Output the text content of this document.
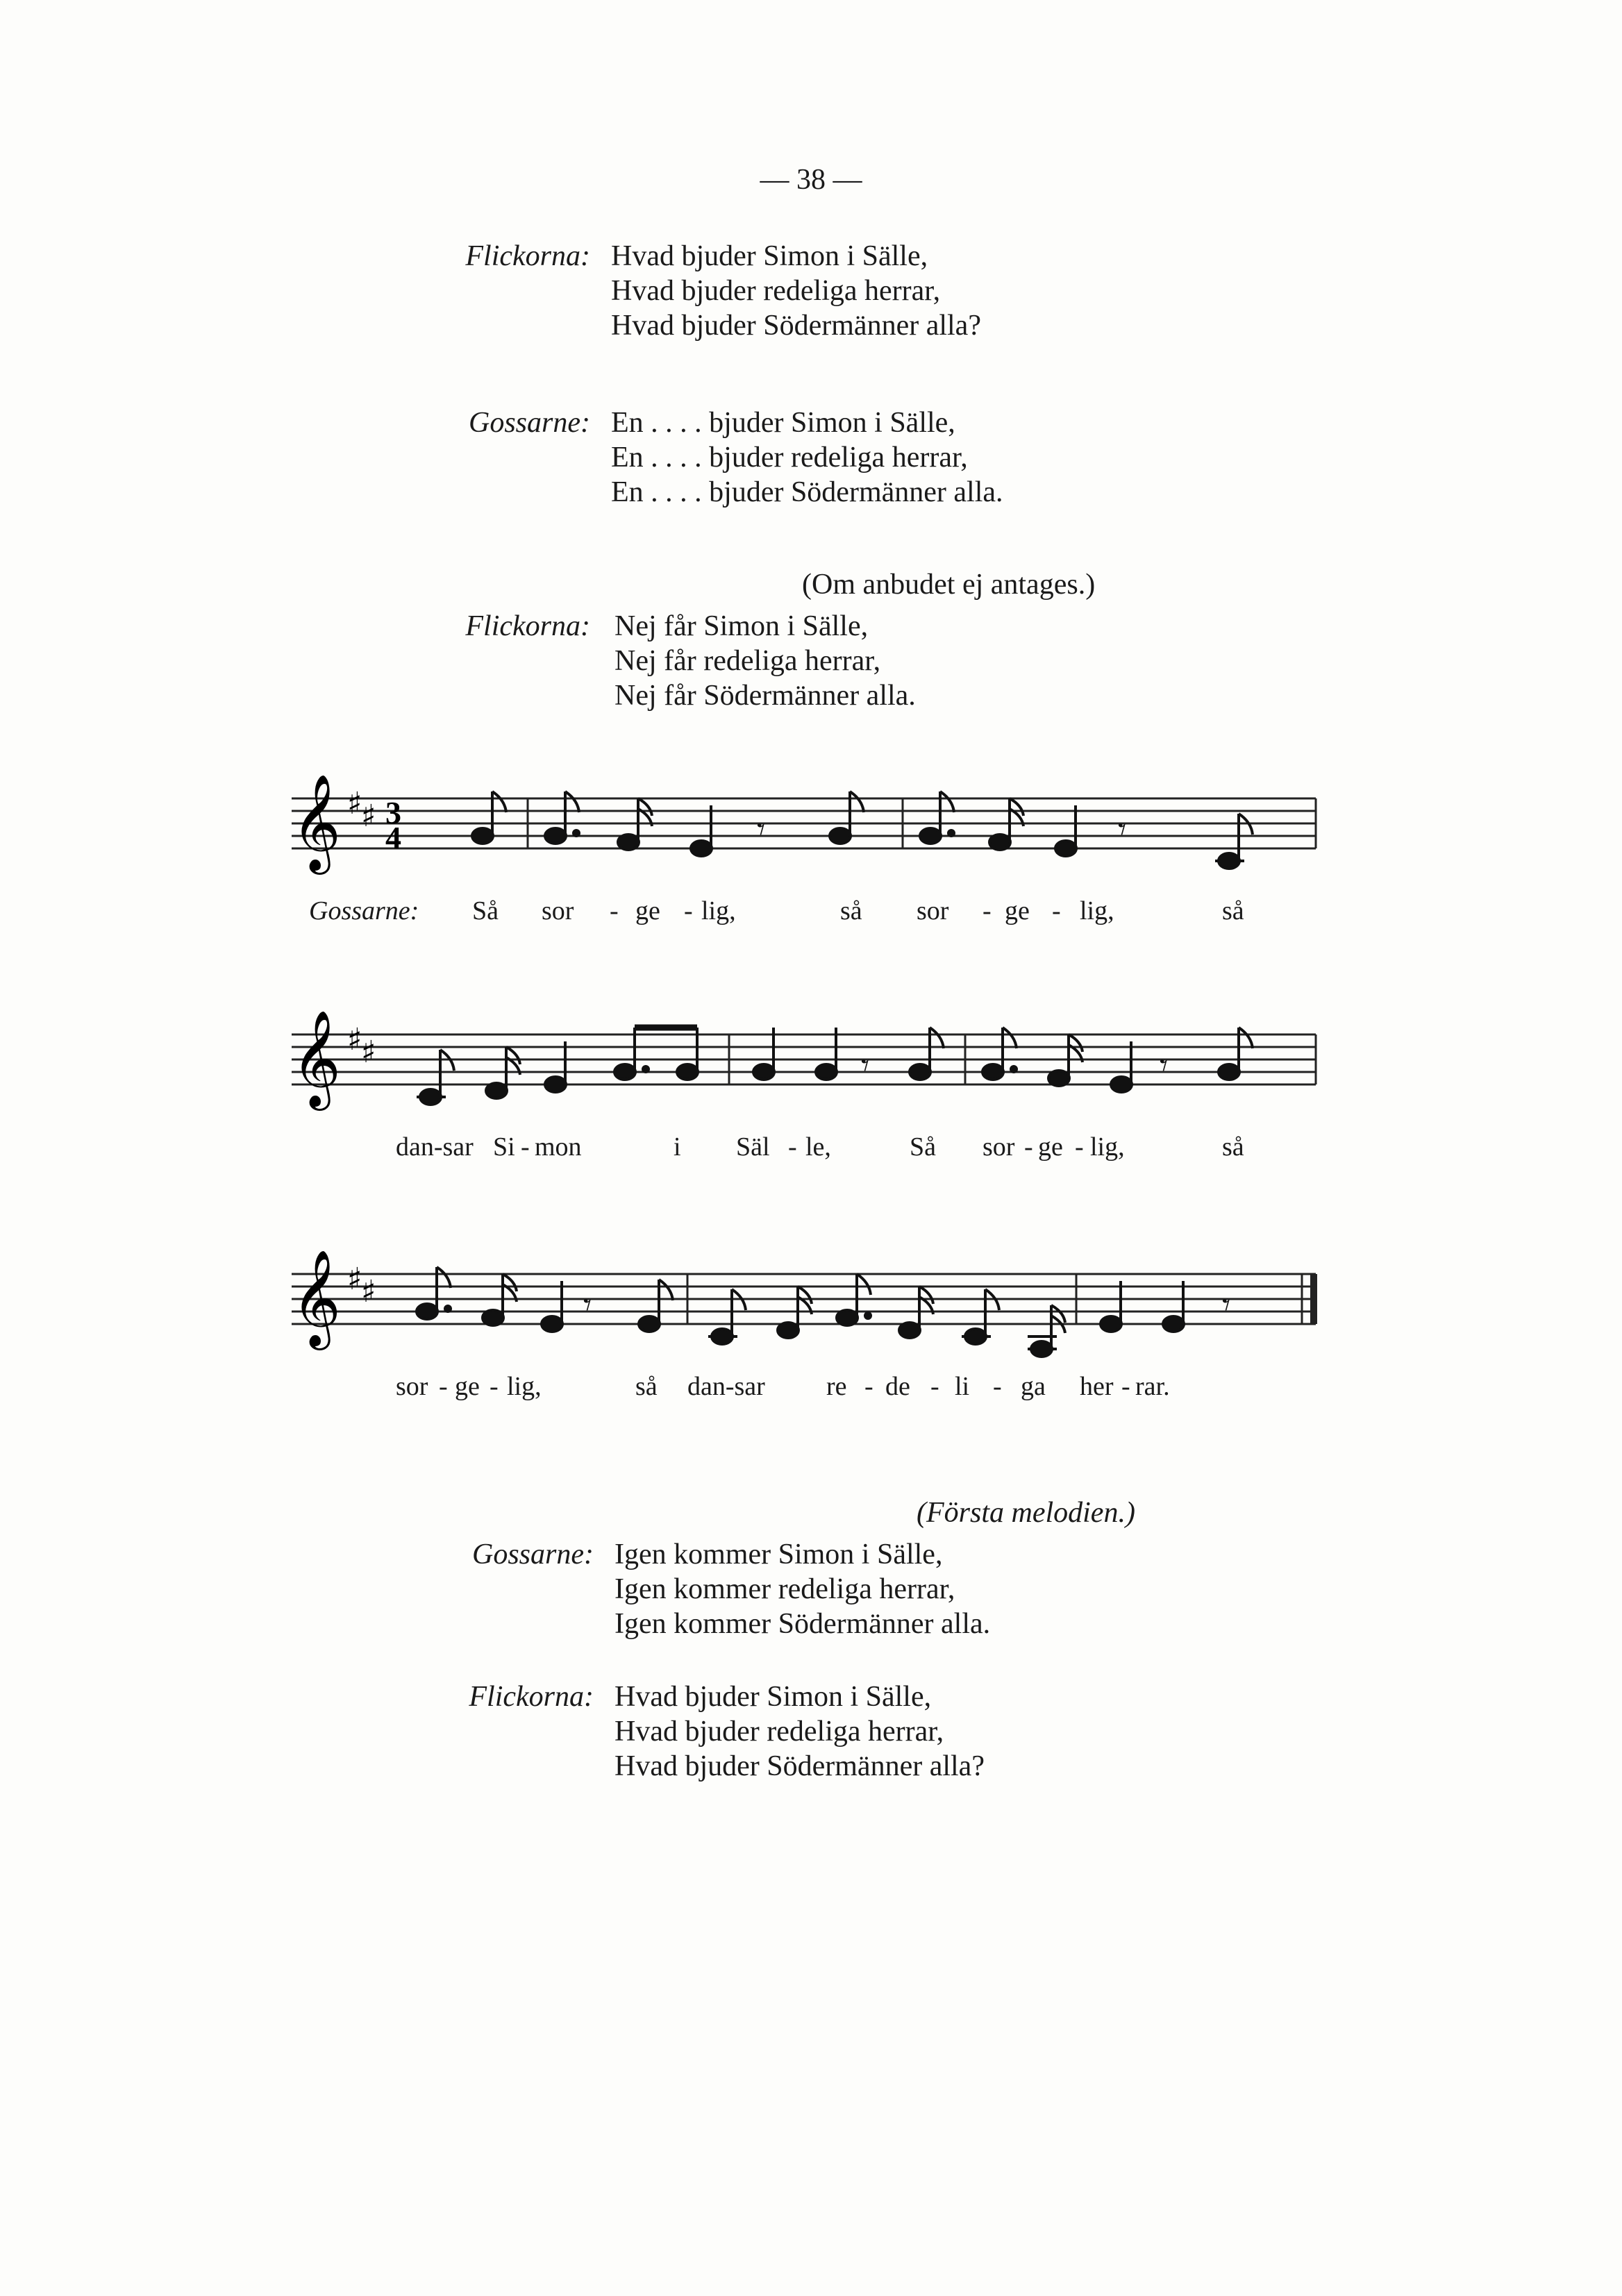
— 38 —
Flickorna: Hvad bjuder Simon i Sälle,
Hvad bjuder redeliga herrar,
Hvad bjuder Södermänner alla?
Gossarne: En . . . . bjuder Simon i Sälle,
En . . . . bjuder redeliga herrar,
En . . . . bjuder Södermänner alla.
(Om anbudet ej antages.)
Flickorna: Nej får Simon i Sälle,
Nej får redeliga herrar,
Nej får Södermänner alla.
𝄞 ♯
♯ 3
4	𝄾	𝄾
Gossarne: Så sor - ge - lig,	så sor - ge - lig,	så
𝄞 ♯
♯	𝄾	𝄾
dan-sar Si - mon	i Säl - le,	Så sor - ge - lig,	så
𝄞 ♯
♯	𝄾	𝄾
sor - ge - lig,	så dan-sar re - de - li - ga her - rar.
(Första melodien.)
Gossarne: Igen kommer Simon i Sälle,
Igen kommer redeliga herrar,
Igen kommer Södermänner alla.
Flickorna: Hvad bjuder Simon i Sälle,
Hvad bjuder redeliga herrar,
Hvad bjuder Södermänner alla?
